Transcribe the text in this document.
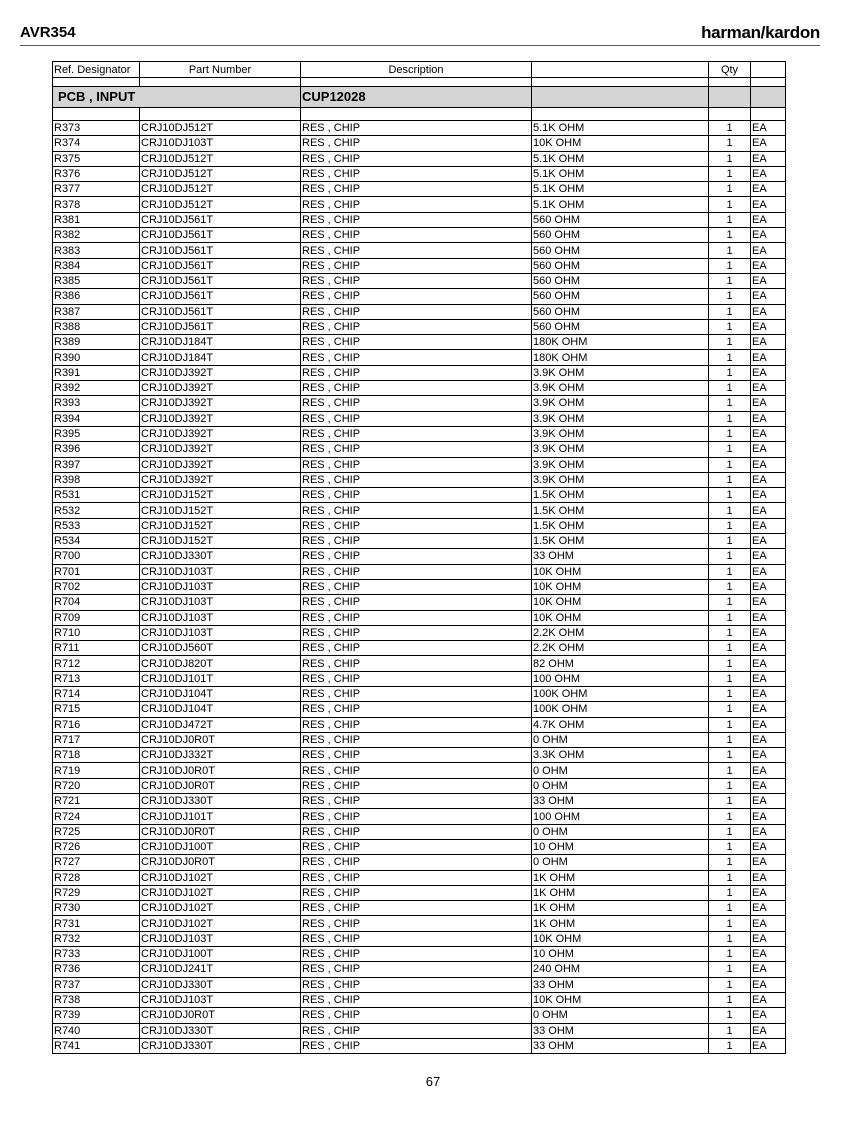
AVR354	harman/kardon
Ref. Designator	Part Number	Description		Qty	

PCB , INPUT		CUP12028			

R373	CRJ10DJ512T	RES , CHIP	5.1K OHM	1	EA
R374	CRJ10DJ103T	RES , CHIP	10K OHM	1	EA
R375	CRJ10DJ512T	RES , CHIP	5.1K OHM	1	EA
R376	CRJ10DJ512T	RES , CHIP	5.1K OHM	1	EA
R377	CRJ10DJ512T	RES , CHIP	5.1K OHM	1	EA
R378	CRJ10DJ512T	RES , CHIP	5.1K OHM	1	EA
R381	CRJ10DJ561T	RES , CHIP	560 OHM	1	EA
R382	CRJ10DJ561T	RES , CHIP	560 OHM	1	EA
R383	CRJ10DJ561T	RES , CHIP	560 OHM	1	EA
R384	CRJ10DJ561T	RES , CHIP	560 OHM	1	EA
R385	CRJ10DJ561T	RES , CHIP	560 OHM	1	EA
R386	CRJ10DJ561T	RES , CHIP	560 OHM	1	EA
R387	CRJ10DJ561T	RES , CHIP	560 OHM	1	EA
R388	CRJ10DJ561T	RES , CHIP	560 OHM	1	EA
R389	CRJ10DJ184T	RES , CHIP	180K OHM	1	EA
R390	CRJ10DJ184T	RES , CHIP	180K OHM	1	EA
R391	CRJ10DJ392T	RES , CHIP	3.9K OHM	1	EA
R392	CRJ10DJ392T	RES , CHIP	3.9K OHM	1	EA
R393	CRJ10DJ392T	RES , CHIP	3.9K OHM	1	EA
R394	CRJ10DJ392T	RES , CHIP	3.9K OHM	1	EA
R395	CRJ10DJ392T	RES , CHIP	3.9K OHM	1	EA
R396	CRJ10DJ392T	RES , CHIP	3.9K OHM	1	EA
R397	CRJ10DJ392T	RES , CHIP	3.9K OHM	1	EA
R398	CRJ10DJ392T	RES , CHIP	3.9K OHM	1	EA
R531	CRJ10DJ152T	RES , CHIP	1.5K OHM	1	EA
R532	CRJ10DJ152T	RES , CHIP	1.5K OHM	1	EA
R533	CRJ10DJ152T	RES , CHIP	1.5K OHM	1	EA
R534	CRJ10DJ152T	RES , CHIP	1.5K OHM	1	EA
R700	CRJ10DJ330T	RES , CHIP	33 OHM	1	EA
R701	CRJ10DJ103T	RES , CHIP	10K OHM	1	EA
R702	CRJ10DJ103T	RES , CHIP	10K OHM	1	EA
R704	CRJ10DJ103T	RES , CHIP	10K OHM	1	EA
R709	CRJ10DJ103T	RES , CHIP	10K OHM	1	EA
R710	CRJ10DJ103T	RES , CHIP	2.2K OHM	1	EA
R711	CRJ10DJ560T	RES , CHIP	2.2K OHM	1	EA
R712	CRJ10DJ820T	RES , CHIP	82 OHM	1	EA
R713	CRJ10DJ101T	RES , CHIP	100 OHM	1	EA
R714	CRJ10DJ104T	RES , CHIP	100K OHM	1	EA
R715	CRJ10DJ104T	RES , CHIP	100K OHM	1	EA
R716	CRJ10DJ472T	RES , CHIP	4.7K OHM	1	EA
R717	CRJ10DJ0R0T	RES , CHIP	0 OHM	1	EA
R718	CRJ10DJ332T	RES , CHIP	3.3K OHM	1	EA
R719	CRJ10DJ0R0T	RES , CHIP	0 OHM	1	EA
R720	CRJ10DJ0R0T	RES , CHIP	0 OHM	1	EA
R721	CRJ10DJ330T	RES , CHIP	33 OHM	1	EA
R724	CRJ10DJ101T	RES , CHIP	100 OHM	1	EA
R725	CRJ10DJ0R0T	RES , CHIP	0 OHM	1	EA
R726	CRJ10DJ100T	RES , CHIP	10 OHM	1	EA
R727	CRJ10DJ0R0T	RES , CHIP	0 OHM	1	EA
R728	CRJ10DJ102T	RES , CHIP	1K OHM	1	EA
R729	CRJ10DJ102T	RES , CHIP	1K OHM	1	EA
R730	CRJ10DJ102T	RES , CHIP	1K OHM	1	EA
R731	CRJ10DJ102T	RES , CHIP	1K OHM	1	EA
R732	CRJ10DJ103T	RES , CHIP	10K OHM	1	EA
R733	CRJ10DJ100T	RES , CHIP	10 OHM	1	EA
R736	CRJ10DJ241T	RES , CHIP	240 OHM	1	EA
R737	CRJ10DJ330T	RES , CHIP	33 OHM	1	EA
R738	CRJ10DJ103T	RES , CHIP	10K OHM	1	EA
R739	CRJ10DJ0R0T	RES , CHIP	0 OHM	1	EA
R740	CRJ10DJ330T	RES , CHIP	33 OHM	1	EA
R741	CRJ10DJ330T	RES , CHIP	33 OHM	1	EA
67
